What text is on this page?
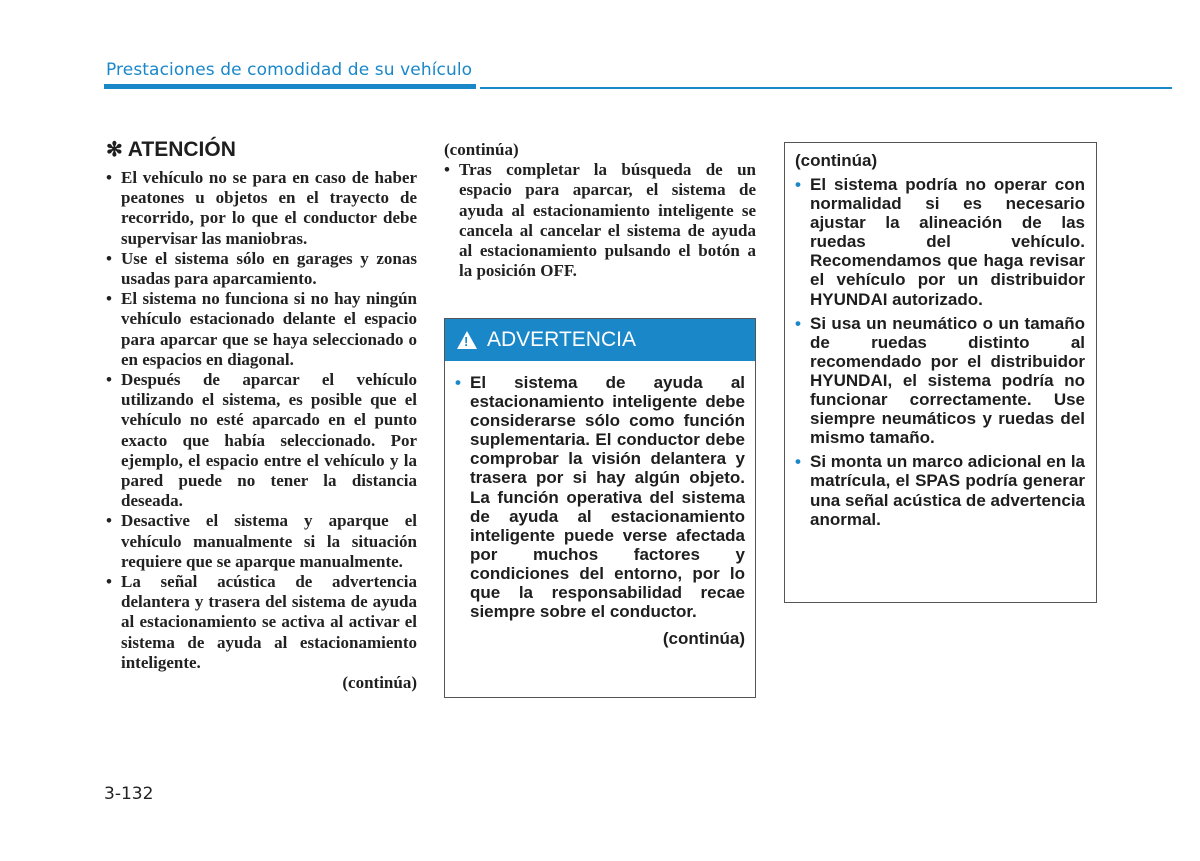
Prestaciones de comodidad de su vehículo
✻ ATENCIÓN
• El vehículo no se para en caso de haber peatones u objetos en el trayecto de recorrido, por lo que el conductor debe supervisar las maniobras.
• Use el sistema sólo en garages y zonas usadas para aparcamiento.
• El sistema no funciona si no hay ningún vehículo estacionado delante el espacio para aparcar que se haya seleccionado o en espacios en diagonal.
• Después de aparcar el vehículo utilizando el sistema, es posible que el vehículo no esté aparcado en el punto exacto que había seleccionado. Por ejemplo, el espacio entre el vehículo y la pared puede no tener la distancia deseada.
• Desactive el sistema y aparque el vehículo manualmente si la situación requiere que se aparque manualmente.
• La señal acústica de advertencia delantera y trasera del sistema de ayuda al estacionamiento se activa al activar el sistema de ayuda al estacionamiento inteligente.
(continúa)
(continúa)
• Tras completar la búsqueda de un espacio para aparcar, el sistema de ayuda al estacionamiento inteligente se cancela al cancelar el sistema de ayuda al estacionamiento pulsando el botón a la posición OFF.
! ADVERTENCIA
• El sistema de ayuda al estacionamiento inteligente debe considerarse sólo como función suplementaria. El conductor debe comprobar la visión delantera y trasera por si hay algún objeto. La función operativa del sistema de ayuda al estacionamiento inteligente puede verse afectada por muchos factores y condiciones del entorno, por lo que la responsabilidad recae siempre sobre el conductor.
(continúa)
(continúa)
• El sistema podría no operar con normalidad si es necesario ajustar la alineación de las ruedas del vehículo. Recomendamos que haga revisar el vehículo por un distribuidor HYUNDAI autorizado.
• Si usa un neumático o un tamaño de ruedas distinto al recomendado por el distribuidor HYUNDAI, el sistema podría no funcionar correctamente. Use siempre neumáticos y ruedas del mismo tamaño.
• Si monta un marco adicional en la matrícula, el SPAS podría generar una señal acústica de advertencia anormal.
3-132
